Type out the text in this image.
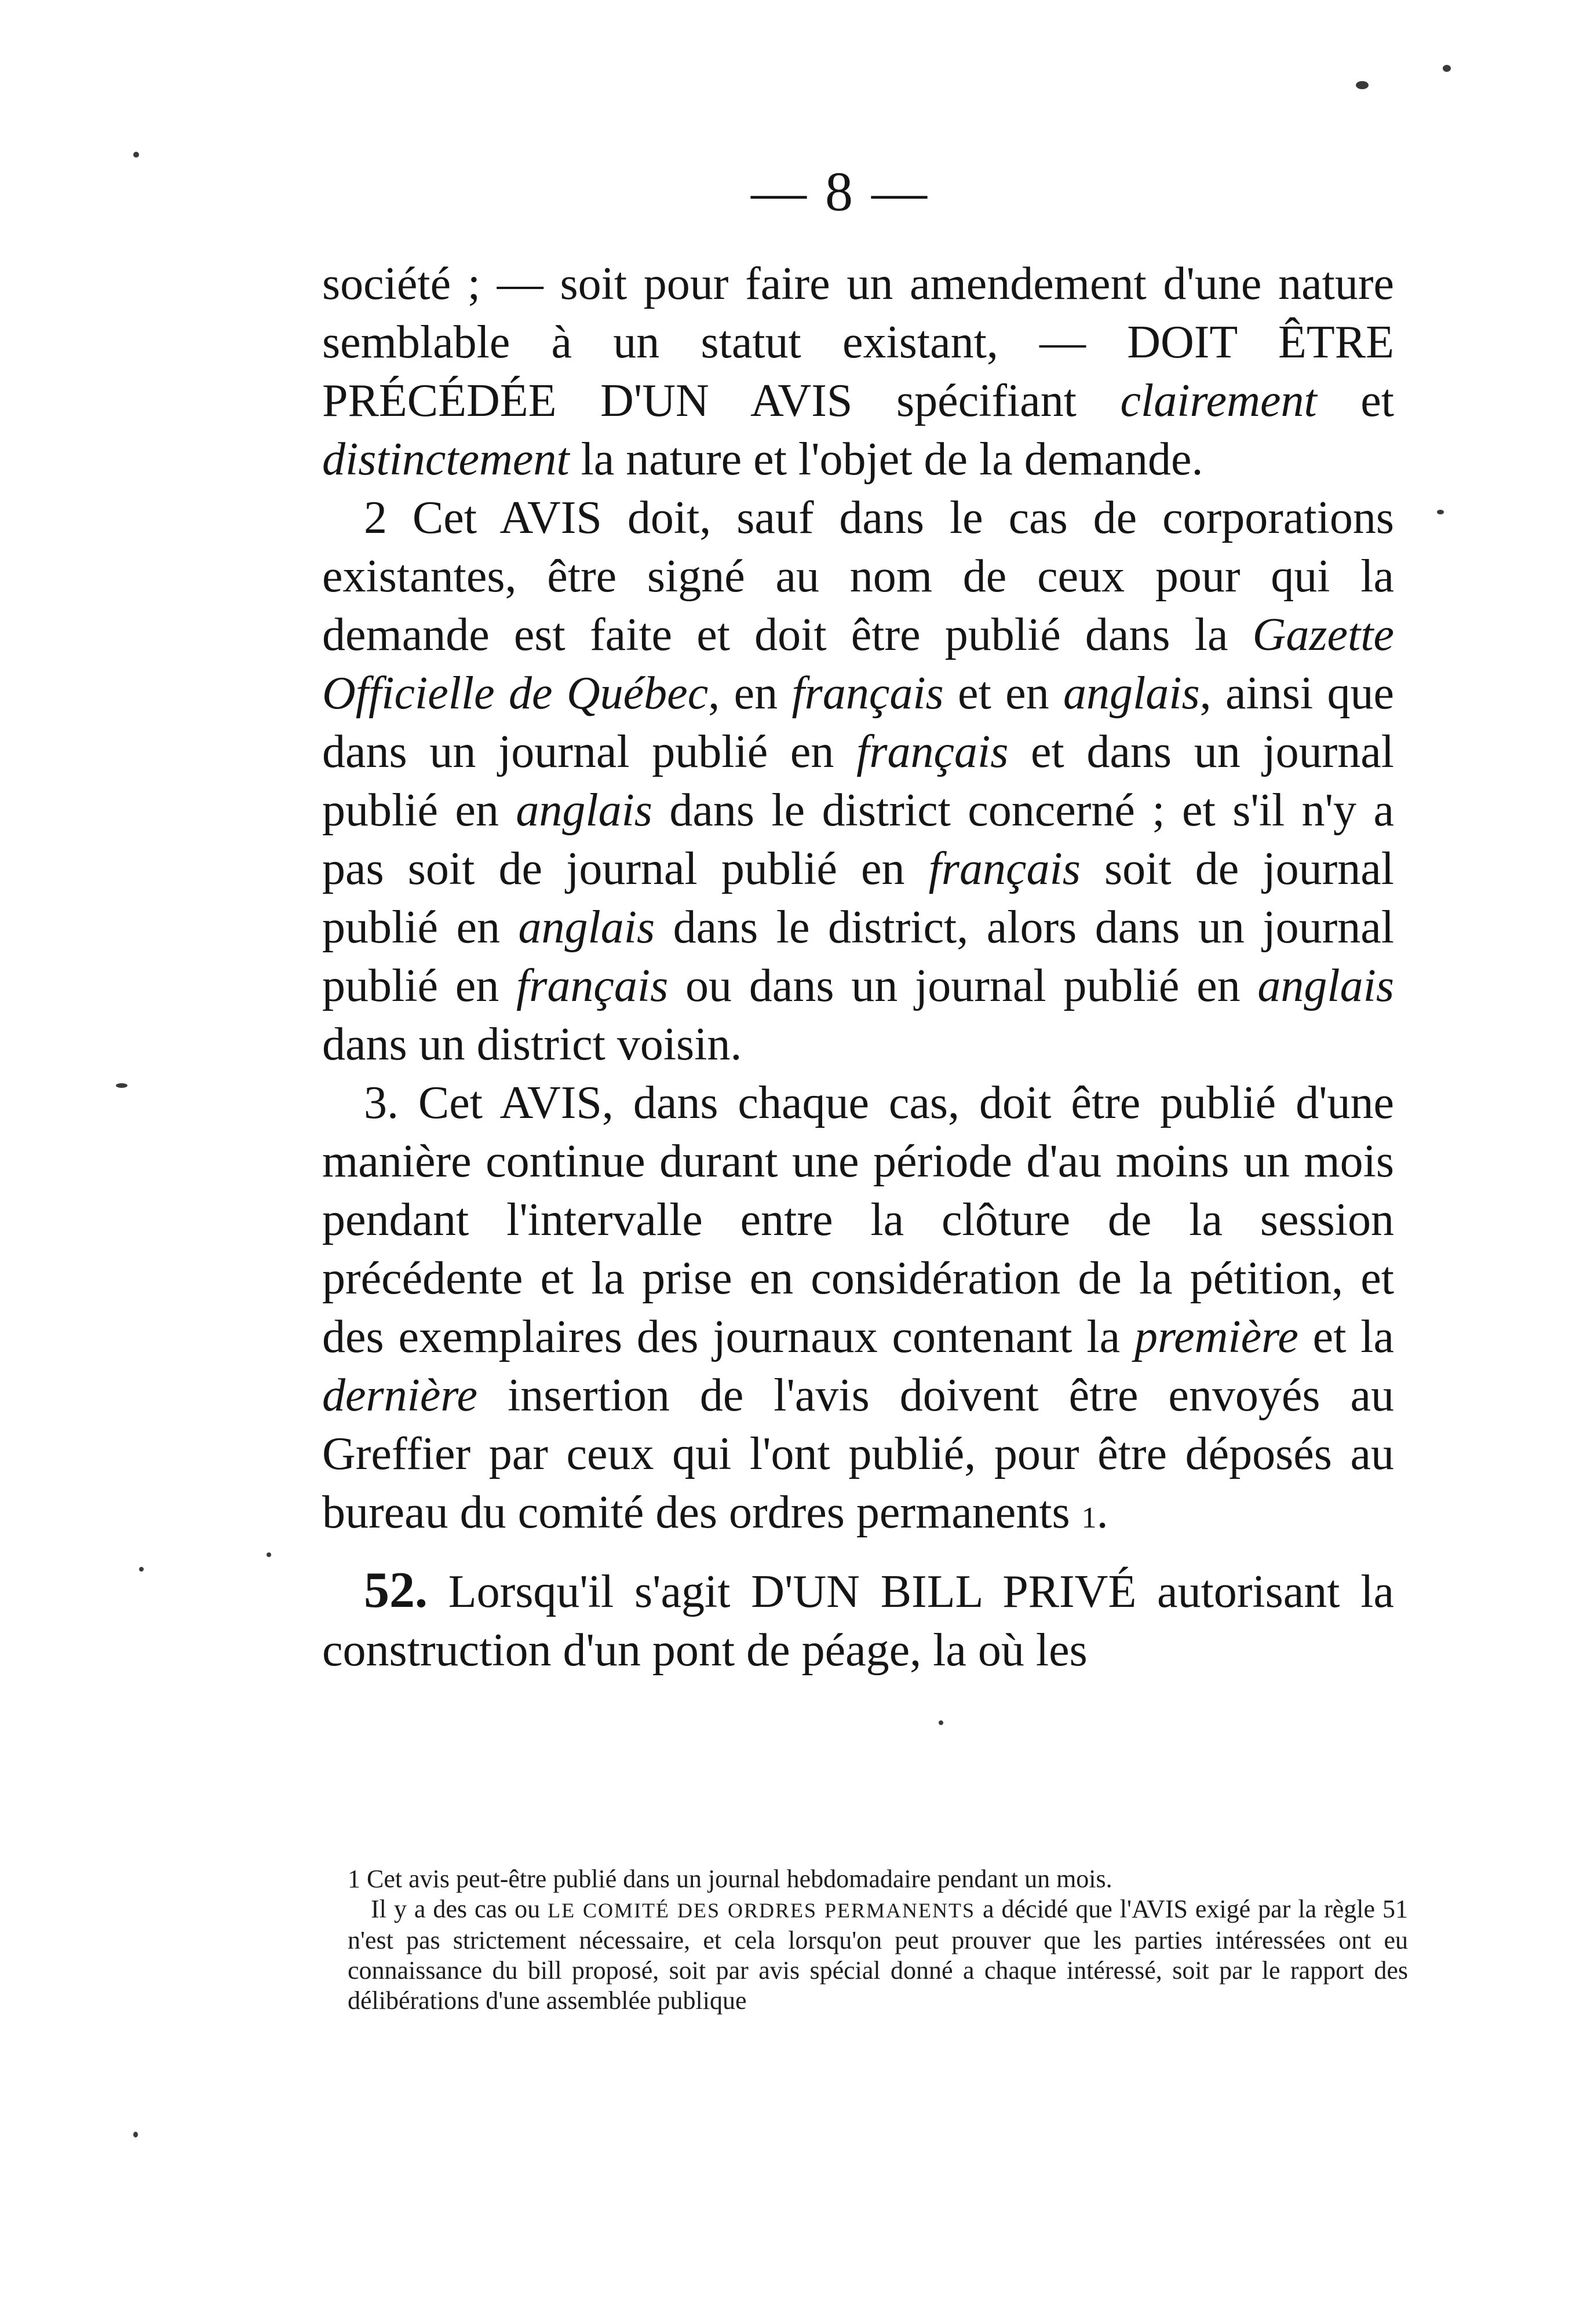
— 8 —

société ; — soit pour faire un amendement d'une nature semblable à un statut existant, — DOIT ÊTRE PRÉCÉDÉE D'UN AVIS spécifiant clairement et distinctement la nature et l'objet de la demande.

2 Cet AVIS doit, sauf dans le cas de corporations existantes, être signé au nom de ceux pour qui la demande est faite et doit être publié dans la Gazette Officielle de Québec, en français et en anglais, ainsi que dans un journal publié en français et dans un journal publié en anglais dans le district concerné ; et s'il n'y a pas soit de journal publié en français soit de journal publié en anglais dans le district, alors dans un journal publié en français ou dans un journal publié en anglais dans un district voisin.

3. Cet AVIS, dans chaque cas, doit être publié d'une manière continue durant une période d'au moins un mois pendant l'intervalle entre la clôture de la session précédente et la prise en considération de la pétition, et des exemplaires des journaux contenant la première et la dernière insertion de l'avis doivent être envoyés au Greffier par ceux qui l'ont publié, pour être déposés au bureau du comité des ordres permanents 1.

52. Lorsqu'il s'agit D'UN BILL PRIVÉ autorisant la construction d'un pont de péage, la où les

1 Cet avis peut-être publié dans un journal hebdomadaire pendant un mois.

Il y a des cas ou LE COMITÉ DES ORDRES PERMANENTS a décidé que l'AVIS exigé par la règle 51 n'est pas strictement nécessaire, et cela lorsqu'on peut prouver que les parties intéressées ont eu connaissance du bill proposé, soit par avis spécial donné a chaque intéressé, soit par le rapport des délibérations d'une assemblée publique
